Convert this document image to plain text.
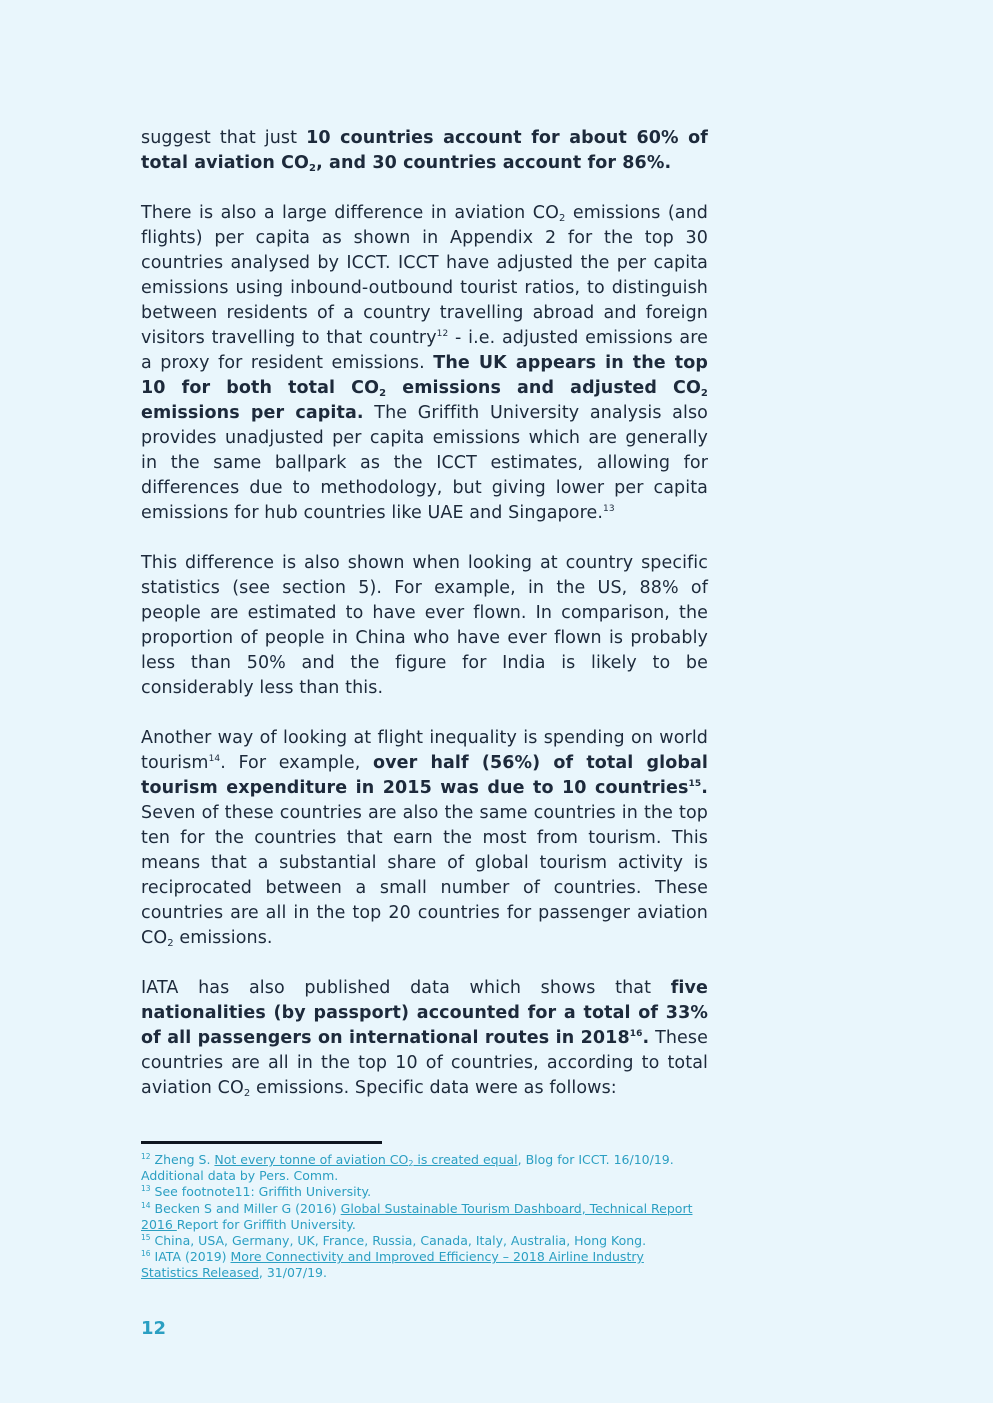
suggest that just 10 countries account for about 60% of total aviation $CO_2$, and 30 countries account for 86%.

There is also a large difference in aviation $CO_2$ emissions (and flights) per capita as shown in Appendix 2 for the top 30 countries analysed by ICCT. ICCT have adjusted the per capita emissions using inbound-outbound tourist ratios, to distinguish between residents of a country travelling abroad and foreign visitors travelling to that country$^{12}$ - i.e. adjusted emissions are a proxy for resident emissions. The UK appears in the top 10 for both total $CO_2$ emissions and adjusted $CO_2$ emissions per capita. The Griffith University analysis also provides unadjusted per capita emissions which are generally in the same ballpark as the ICCT estimates, allowing for differences due to methodology, but giving lower per capita emissions for hub countries like UAE and Singapore.$^{13}$

This difference is also shown when looking at country specific statistics (see section 5). For example, in the US, 88% of people are estimated to have ever flown. In comparison, the proportion of people in China who have ever flown is probably less than 50% and the figure for India is likely to be considerably less than this.

Another way of looking at flight inequality is spending on world tourism$^{14}$. For example, over half (56%) of total global tourism expenditure in 2015 was due to 10 countries$^{15}$. Seven of these countries are also the same countries in the top ten for the countries that earn the most from tourism. This means that a substantial share of global tourism activity is reciprocated between a small number of countries. These countries are all in the top 20 countries for passenger aviation $CO_2$ emissions.

IATA has also published data which shows that five nationalities (by passport) accounted for a total of 33% of all passengers on international routes in 2018$^{16}$. These countries are all in the top 10 of countries, according to total aviation $CO_2$ emissions. Specific data were as follows:

$^{12}$ Zheng S. Not every tonne of aviation $CO_2$ is created equal, Blog for ICCT. 16/10/19. Additional data by Pers. Comm.
$^{13}$ See footnote11: Griffith University.
$^{14}$ Becken S and Miller G (2016) Global Sustainable Tourism Dashboard, Technical Report 2016 Report for Griffith University.
$^{15}$ China, USA, Germany, UK, France, Russia, Canada, Italy, Australia, Hong Kong.
$^{16}$ IATA (2019) More Connectivity and Improved Efficiency – 2018 Airline Industry Statistics Released, 31/07/19.
12
